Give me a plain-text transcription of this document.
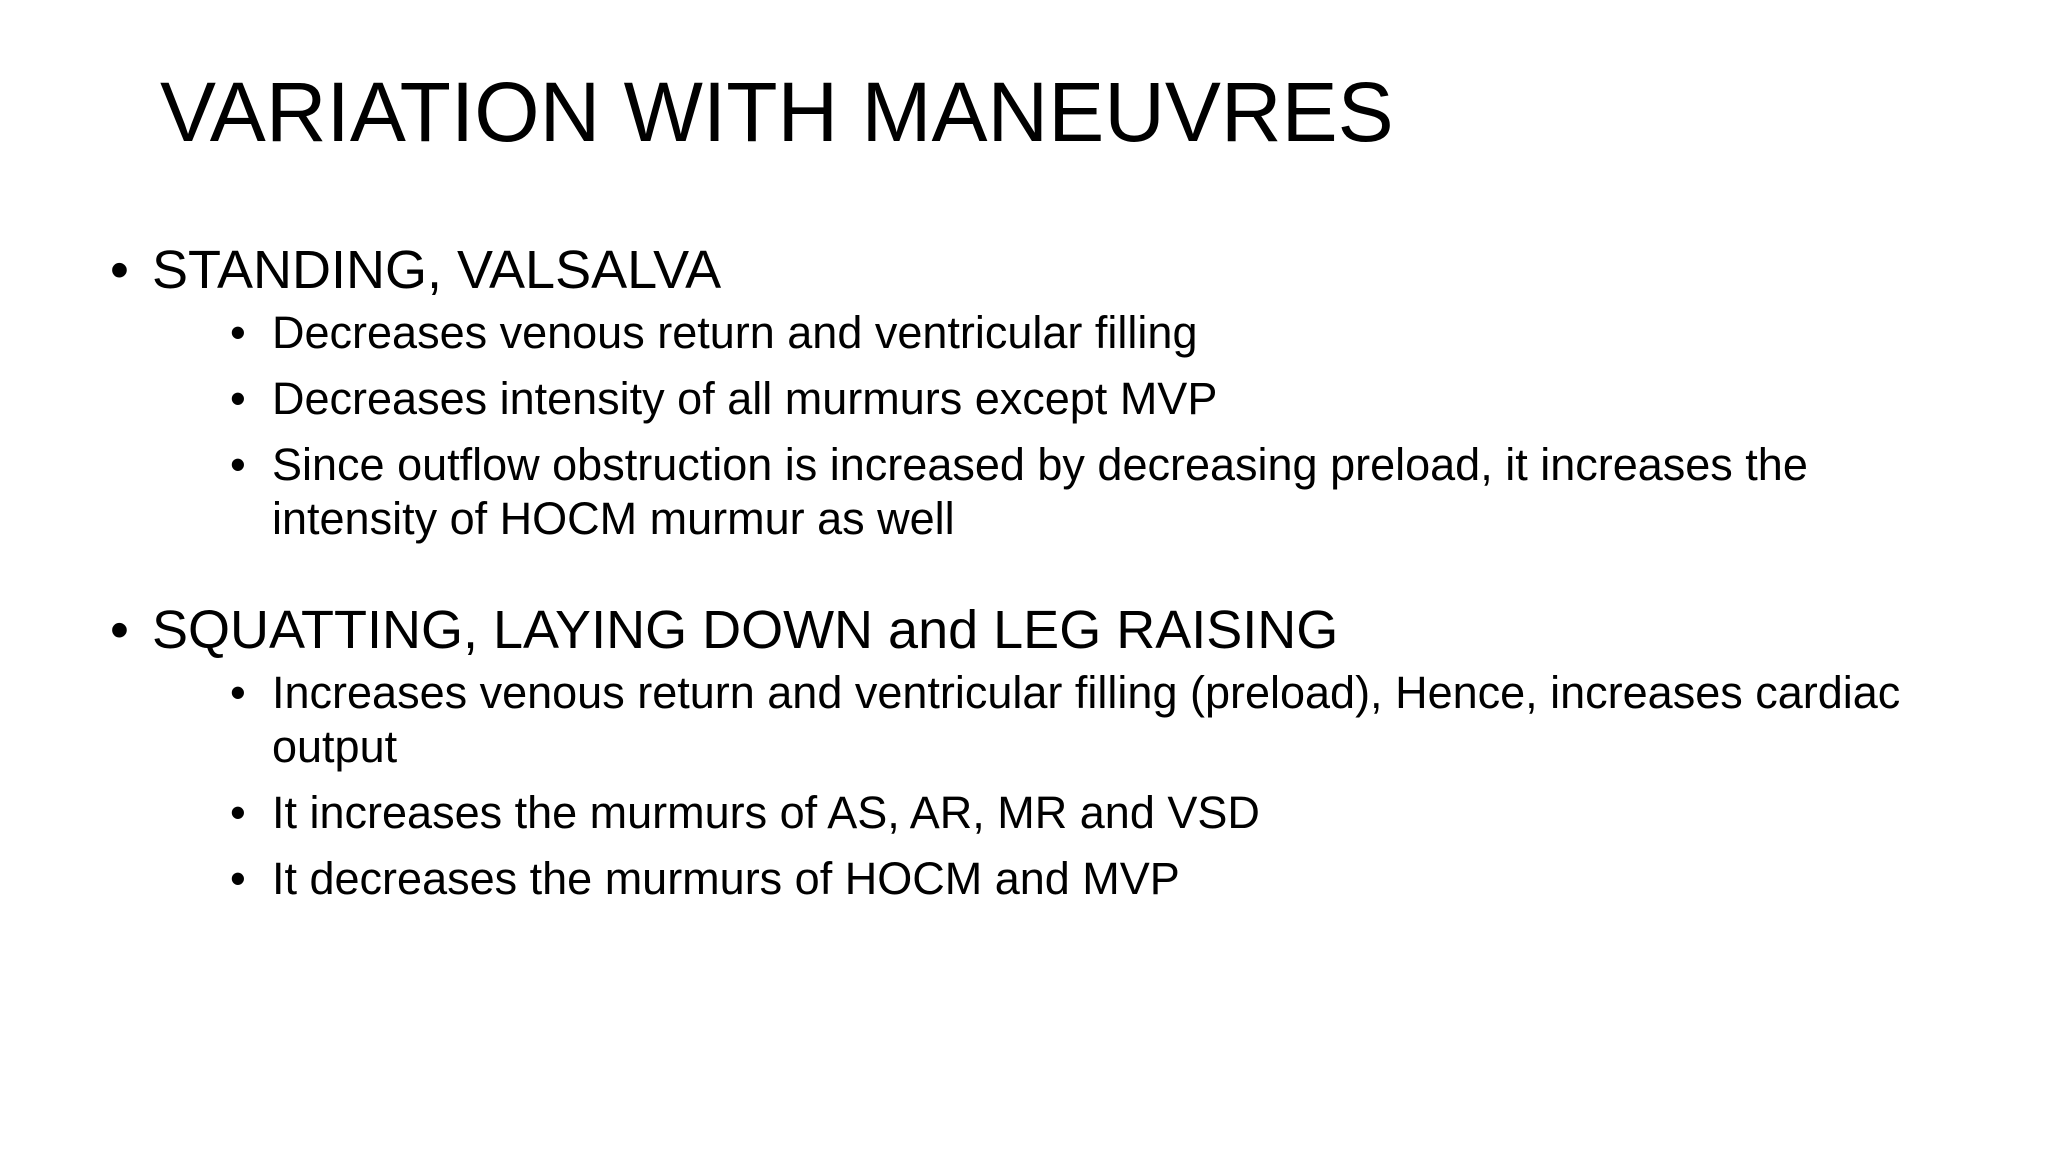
VARIATION WITH MANEUVRES
• STANDING, VALSALVA
• Decreases venous return and ventricular filling
• Decreases intensity of all murmurs except MVP
• Since outflow obstruction is increased by decreasing preload, it increases the intensity of HOCM murmur as well
• SQUATTING, LAYING DOWN and LEG RAISING
• Increases venous return and ventricular filling (preload), Hence, increases cardiac output
• It increases the murmurs of AS, AR, MR and VSD
• It decreases the murmurs of HOCM and MVP
